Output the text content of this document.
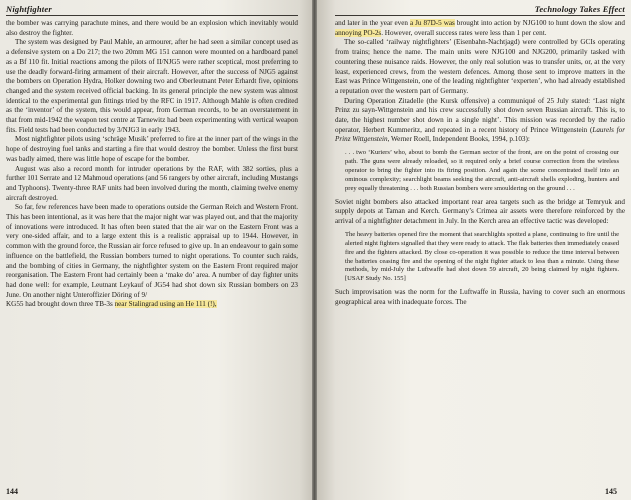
Nightfighter

the bomber was carrying parachute mines, and there would be an explosion which inevitably would also destroy the fighter.

The system was designed by Paul Mahle, an armourer, after he had seen a similar concept used as a defensive system on a Do 217; the two 20mm MG 151 cannon were mounted on a hardboard panel as a Bf 110 fit. Initial reactions among the pilots of II/NJG5 were rather sceptical, most preferring to use the deadly forward-firing armament of their aircraft. However, after the success of NJG5 against the bombers on Operation Hydra, Holker downing two and Oberleutnant Peter Erhardt five, opinions changed and the system received official backing. In its general principle the new system was almost identical to the experimental gun fittings tried by the RFC in 1917. Although Mahle is often credited as the ‘inventor’ of the system, this would appear, from German records, to be an overstatement in that from mid-1942 the weapon test centre at Tarnewitz had been experimenting with vertical weapon fits. Field tests had been conducted by 3/NJG3 in early 1943.

Most nightfighter pilots using ‘schräge Musik’ preferred to fire at the inner part of the wings in the hope of destroying fuel tanks and starting a fire that would destroy the bomber. Unless the first burst was badly aimed, there was little hope of escape for the bomber.

August was also a record month for intruder operations by the RAF, with 382 sorties, plus a further 101 Serrate and 12 Mahmoud operations (and 56 rangers by other aircraft, including Mustangs and Typhoons). Twenty-three RAF units had been involved during the month, claiming twelve enemy aircraft destroyed.

So far, few references have been made to operations outside the German Reich and Western Front. This has been intentional, as it was here that the major night war was played out, and that the majority of innovations were introduced. It has often been stated that the air war on the Eastern Front was a very one-sided affair, and to a large extent this is a realistic appraisal up to 1944. However, in common with the ground force, the Russian air force refused to give up. In an endeavour to gain some influence on the battlefield, the Russian bombers turned to night operations. To counter such raids, and the bombing of cities in Germany, the nightfighter system on the Eastern Front required major reorganisation. The Eastern Front had certainly been a ‘make do’ area. A number of day fighter units had done well: for example, Leutnant Leykauf of JG54 had shot down six Russian bombers on 23 June. On another night Unteroffizier Döring of 9/

KG55 had brought down three TB-3s near Stalingrad using an He 111 (!),

144
Technology Takes Effect

and later in the year even a Ju 87D-5 was brought into action by NJG100 to hunt down the slow and annoying PO-2s. However, overall success rates were less than 1 per cent.

The so-called ‘railway nightfighters’ (Eisenbahn-Nachtjagd) were controlled by GCIs operating from trains; hence the name. The main units were NJG100 and NJG200, primarily tasked with countering these nuisance raids. However, the only real solution was to transfer units, or, at the very least, experienced crews, from the western defences. Among those sent to improve matters in the East was Prince Wittgenstein, one of the leading nightfighter ‘experten’, who had already established a reputation over the western part of Germany.

During Operation Zitadelle (the Kursk offensive) a communiqué of 25 July stated: ‘Last night Prinz zu sayn-Wittgenstein and his crew successfully shot down seven Russian aircraft. This is, to date, the highest number shot down in a single night’. This mission was recorded by the radio operator, Herbert Kummeritz, and repeated in a recent history of Prince Wittgenstein (Laurels for Prinz Wittgenstein, Werner Roell, Independent Books, 1994, p.103):

. . . two ‘Kuriers’ who, about to bomb the German sector of the front, are on the point of crossing our path. The guns were already reloaded, so it required only a brief course correction from the wireless operator to bring the fighter into its firing position. And again the scene concentrated itself into an ominous complexity; searchlight beams seeking the aircraft, anti-aircraft shells exploding, hunters and prey equally threatening . . . both Russian bombers were smouldering on the ground . . .

Soviet night bombers also attacked important rear area targets such as the bridge at Temryuk and supply depots at Taman and Kerch. Germany’s Crimea air assets were therefore reinforced by the arrival of a nightfighter detachment in July. In the Kerch area an effective tactic was developed:

The heavy batteries opened fire the moment that searchlights spotted a plane, continuing to fire until the alerted night fighters signalled that they were ready to attack. The flak batteries then immediately ceased fire and the fighters attacked. By close co-operation it was possible to reduce the time interval between the batteries ceasing fire and the opening of the night fighter attack to less than a minute. Using these methods, by mid-July the Luftwaffe had shot down 59 aircraft, 20 being claimed by night fighters. [USAF Study No. 155]

Such improvisation was the norm for the Luftwaffe in Russia, having to cover such an enormous geographical area with inadequate forces. The

145
